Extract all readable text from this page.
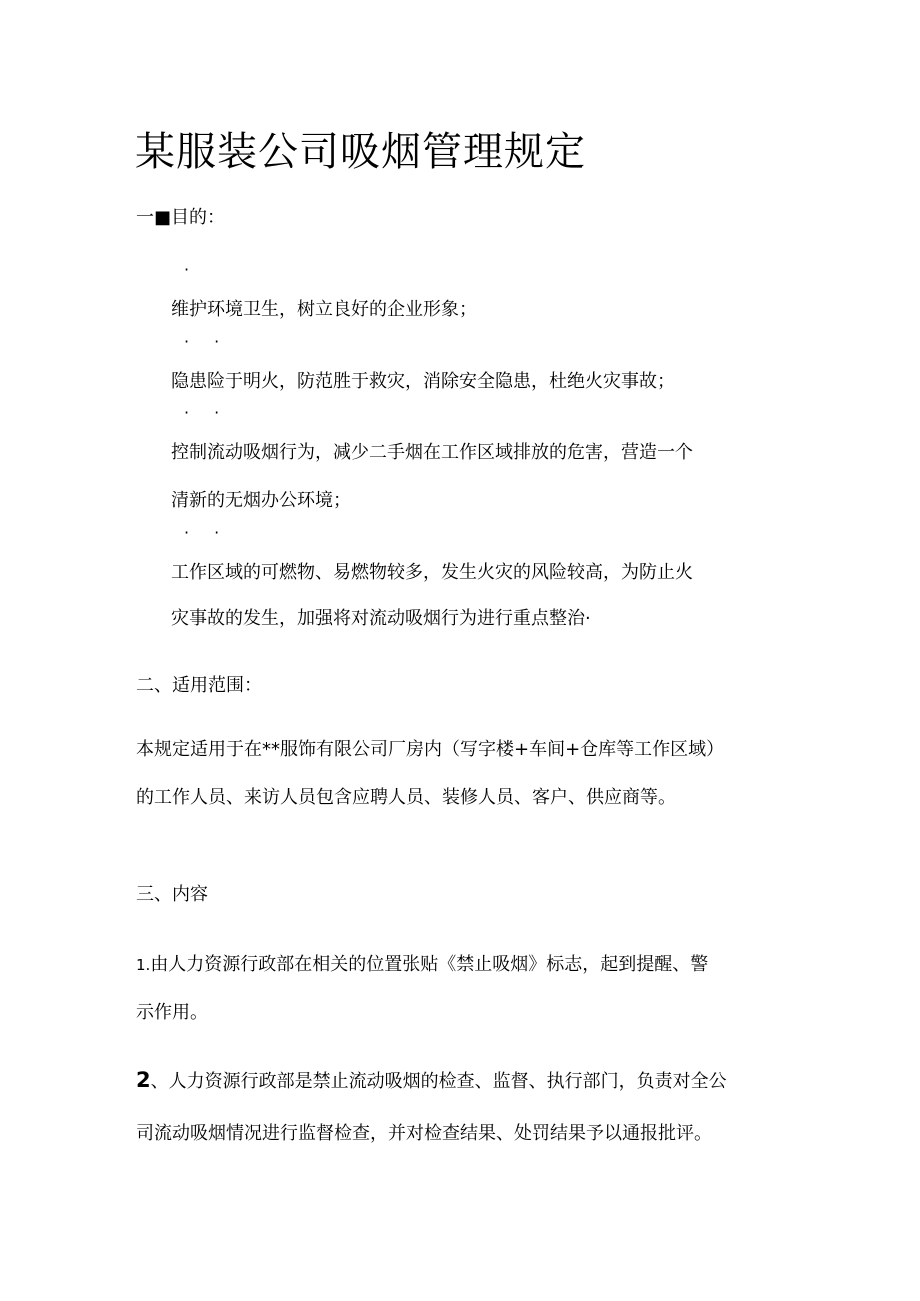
某服装公司吸烟管理规定
一■目的：
·
维护环境卫生，树立良好的企业形象；
· ·
隐患险于明火，防范胜于救灾，消除安全隐患，杜绝火灾事故；
· ·
控制流动吸烟行为，减少二手烟在工作区域排放的危害，营造一个
清新的无烟办公环境；
· ·
工作区域的可燃物、易燃物较多，发生火灾的风险较高，为防止火
灾事故的发生，加强将对流动吸烟行为进行重点整治·
二、适用范围：
本规定适用于在**服饰有限公司厂房内（写字楼+车间+仓库等工作区域）
的工作人员、来访人员包含应聘人员、装修人员、客户、供应商等。
三、内容
1.由人力资源行政部在相关的位置张贴《禁止吸烟》标志，起到提醒、警
示作用。
2、人力资源行政部是禁止流动吸烟的检查、监督、执行部门，负责对全公
司流动吸烟情况进行监督检查，并对检查结果、处罚结果予以通报批评。
